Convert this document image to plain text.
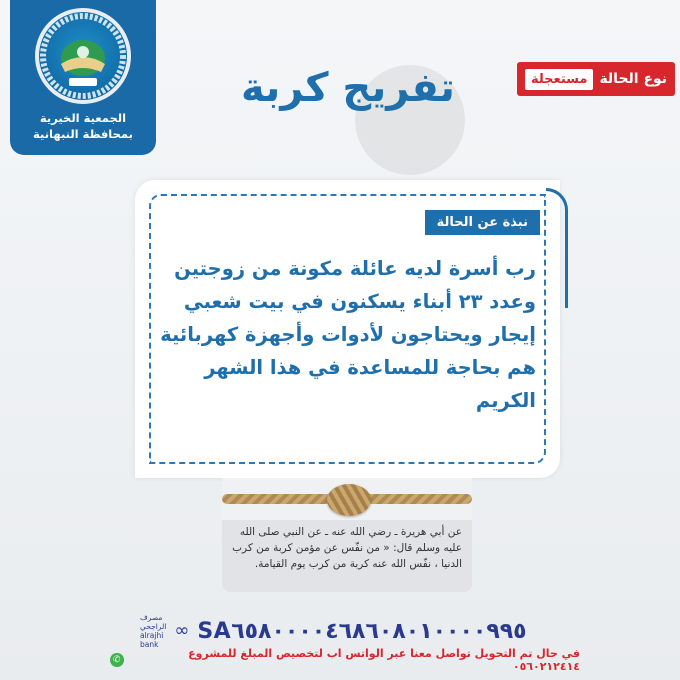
الجمعية الخيرية
بمحافظة النبهانية
تفريج كربة	نوع الحالة
مستعجلة
نبذة عن الحالة
رب أسرة لديه عائلة مكونة من زوجتين وعدد ٢٣ أبناء يسكنون في بيت شعبي إيجار ويحتاجون لأدوات وأجهزة كهربائية هم بحاجة للمساعدة في هذا الشهر الكريم
عن أبي هريرة ـ رضي الله عنه ـ عن النبي صلى الله عليه وسلم قال: « من نفّس عن مؤمن كربة من كرب الدنيا ، نفّس الله عنه كربة من كرب يوم القيامة.
مصرف الراجحي
alrajhi bank
∞ SA٦٥٨٠٠٠٠٤٦٨٦٠٨٠١٠٠٠٠٩٩٥
في حال تم التحويل تواصل معنا عبر الواتس اب لتخصيص المبلغ للمشروع ٠٥٦٠٢١٢٤١٤
✆
